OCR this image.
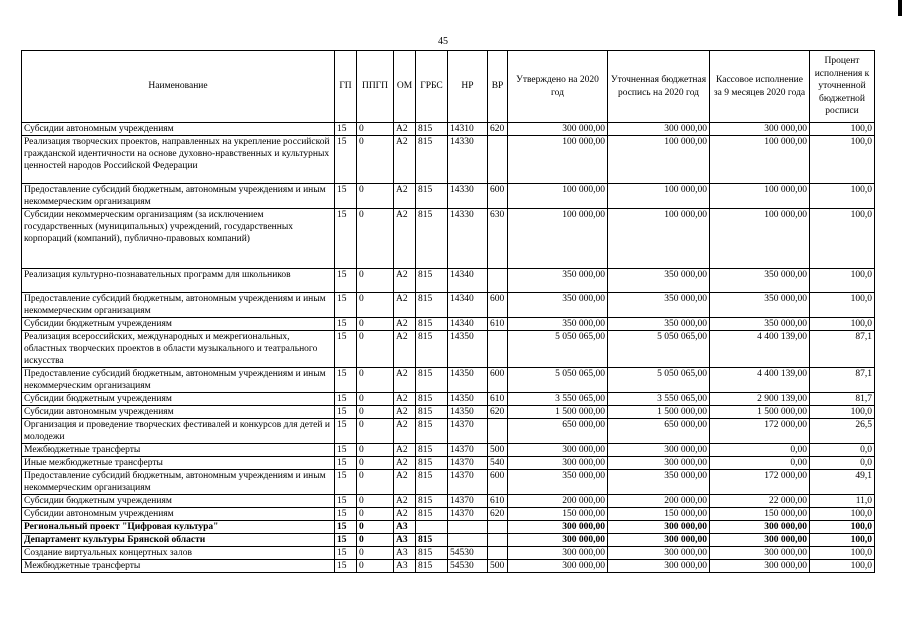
45
Наименование	ГП	ППГП	ОМ	ГРБС	НР	ВР	Утверждено на 2020 год	Уточненная бюджетная роспись на 2020 год	Кассовое исполнение за 9 месяцев 2020 года	Процент исполнения к уточненной бюджетной росписи
Субсидии автономным учреждениям	15	0	А2	815	14310	620	300 000,00	300 000,00	300 000,00	100,0
Реализация творческих проектов, направленных на укрепление российской гражданской идентичности на основе духовно-нравственных и культурных ценностей народов Российской Федерации	15	0	А2	815	14330		100 000,00	100 000,00	100 000,00	100,0
Предоставление субсидий бюджетным, автономным учреждениям и иным некоммерческим организациям	15	0	А2	815	14330	600	100 000,00	100 000,00	100 000,00	100,0
Субсидии некоммерческим организациям (за исключением государственных (муниципальных) учреждений, государственных корпораций (компаний), публично-правовых компаний)	15	0	А2	815	14330	630	100 000,00	100 000,00	100 000,00	100,0
Реализация культурно-познавательных программ для школьников	15	0	А2	815	14340		350 000,00	350 000,00	350 000,00	100,0
Предоставление субсидий бюджетным, автономным учреждениям и иным некоммерческим организациям	15	0	А2	815	14340	600	350 000,00	350 000,00	350 000,00	100,0
Субсидии бюджетным учреждениям	15	0	А2	815	14340	610	350 000,00	350 000,00	350 000,00	100,0
Реализация всероссийских, международных и межрегиональных, областных творческих проектов в области музыкального и театрального искусства	15	0	А2	815	14350		5 050 065,00	5 050 065,00	4 400 139,00	87,1
Предоставление субсидий бюджетным, автономным учреждениям и иным некоммерческим организациям	15	0	А2	815	14350	600	5 050 065,00	5 050 065,00	4 400 139,00	87,1
Субсидии бюджетным учреждениям	15	0	А2	815	14350	610	3 550 065,00	3 550 065,00	2 900 139,00	81,7
Субсидии автономным учреждениям	15	0	А2	815	14350	620	1 500 000,00	1 500 000,00	1 500 000,00	100,0
Организация и проведение творческих фестивалей и конкурсов для детей и молодежи	15	0	А2	815	14370		650 000,00	650 000,00	172 000,00	26,5
Межбюджетные трансферты	15	0	А2	815	14370	500	300 000,00	300 000,00	0,00	0,0
Иные межбюджетные трансферты	15	0	А2	815	14370	540	300 000,00	300 000,00	0,00	0,0
Предоставление субсидий бюджетным, автономным учреждениям и иным некоммерческим организациям	15	0	А2	815	14370	600	350 000,00	350 000,00	172 000,00	49,1
Субсидии бюджетным учреждениям	15	0	А2	815	14370	610	200 000,00	200 000,00	22 000,00	11,0
Субсидии автономным учреждениям	15	0	А2	815	14370	620	150 000,00	150 000,00	150 000,00	100,0
Региональный проект "Цифровая культура"	15	0	А3				300 000,00	300 000,00	300 000,00	100,0
Департамент культуры Брянской области	15	0	А3	815			300 000,00	300 000,00	300 000,00	100,0
Создание виртуальных концертных залов	15	0	А3	815	54530		300 000,00	300 000,00	300 000,00	100,0
Межбюджетные трансферты	15	0	А3	815	54530	500	300 000,00	300 000,00	300 000,00	100,0
